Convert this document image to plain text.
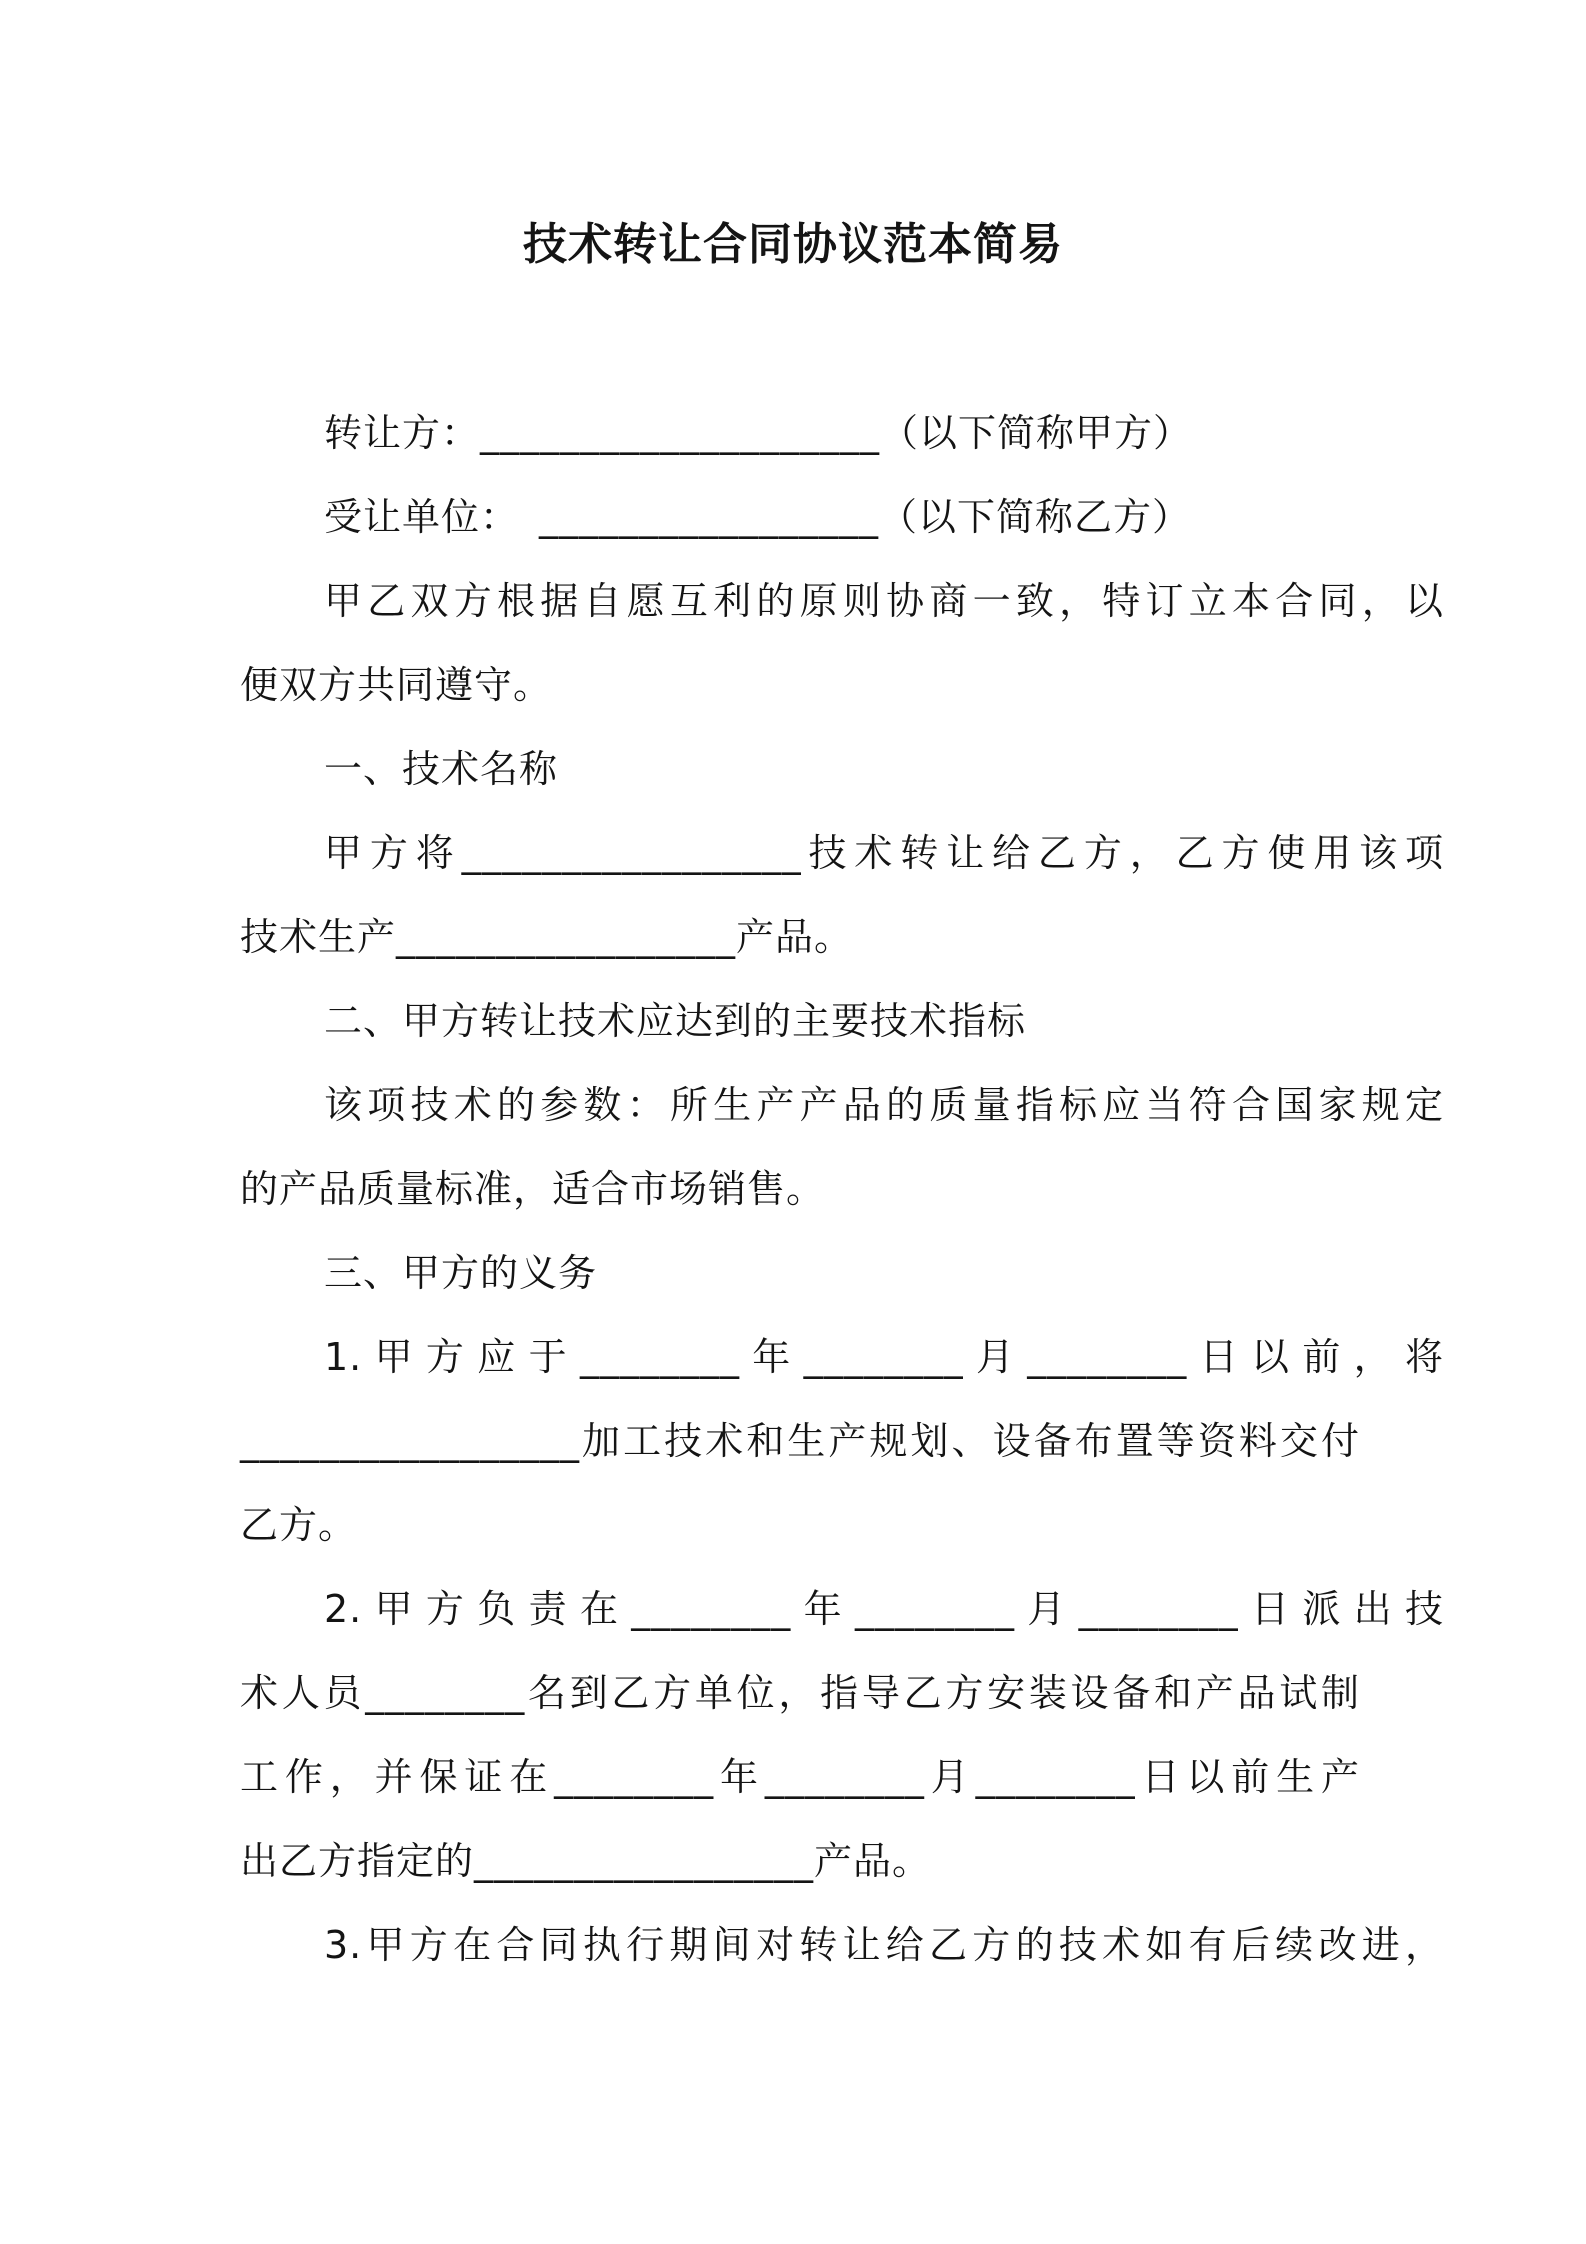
技术转让合同协议范本简易

转让方：____________________（以下简称甲方）

受让单位：　_________________（以下简称乙方）

甲乙双方根据自愿互利的原则协商一致，特订立本合同，以

便双方共同遵守。

一、技术名称

甲方将_________________技术转让给乙方，乙方使用该项

技术生产_________________产品。

二、甲方转让技术应达到的主要技术指标

该项技术的参数：所生产产品的质量指标应当符合国家规定

的产品质量标准，适合市场销售。

三、甲方的义务

1.甲方应于________年________月________日以前，将

_________________加工技术和生产规划、设备布置等资料交付

乙方。

2.甲方负责在________年________月________日派出技

术人员________名到乙方单位，指导乙方安装设备和产品试制

工作，并保证在________年________月________日以前生产

出乙方指定的_________________产品。

3.甲方在合同执行期间对转让给乙方的技术如有后续改进，
